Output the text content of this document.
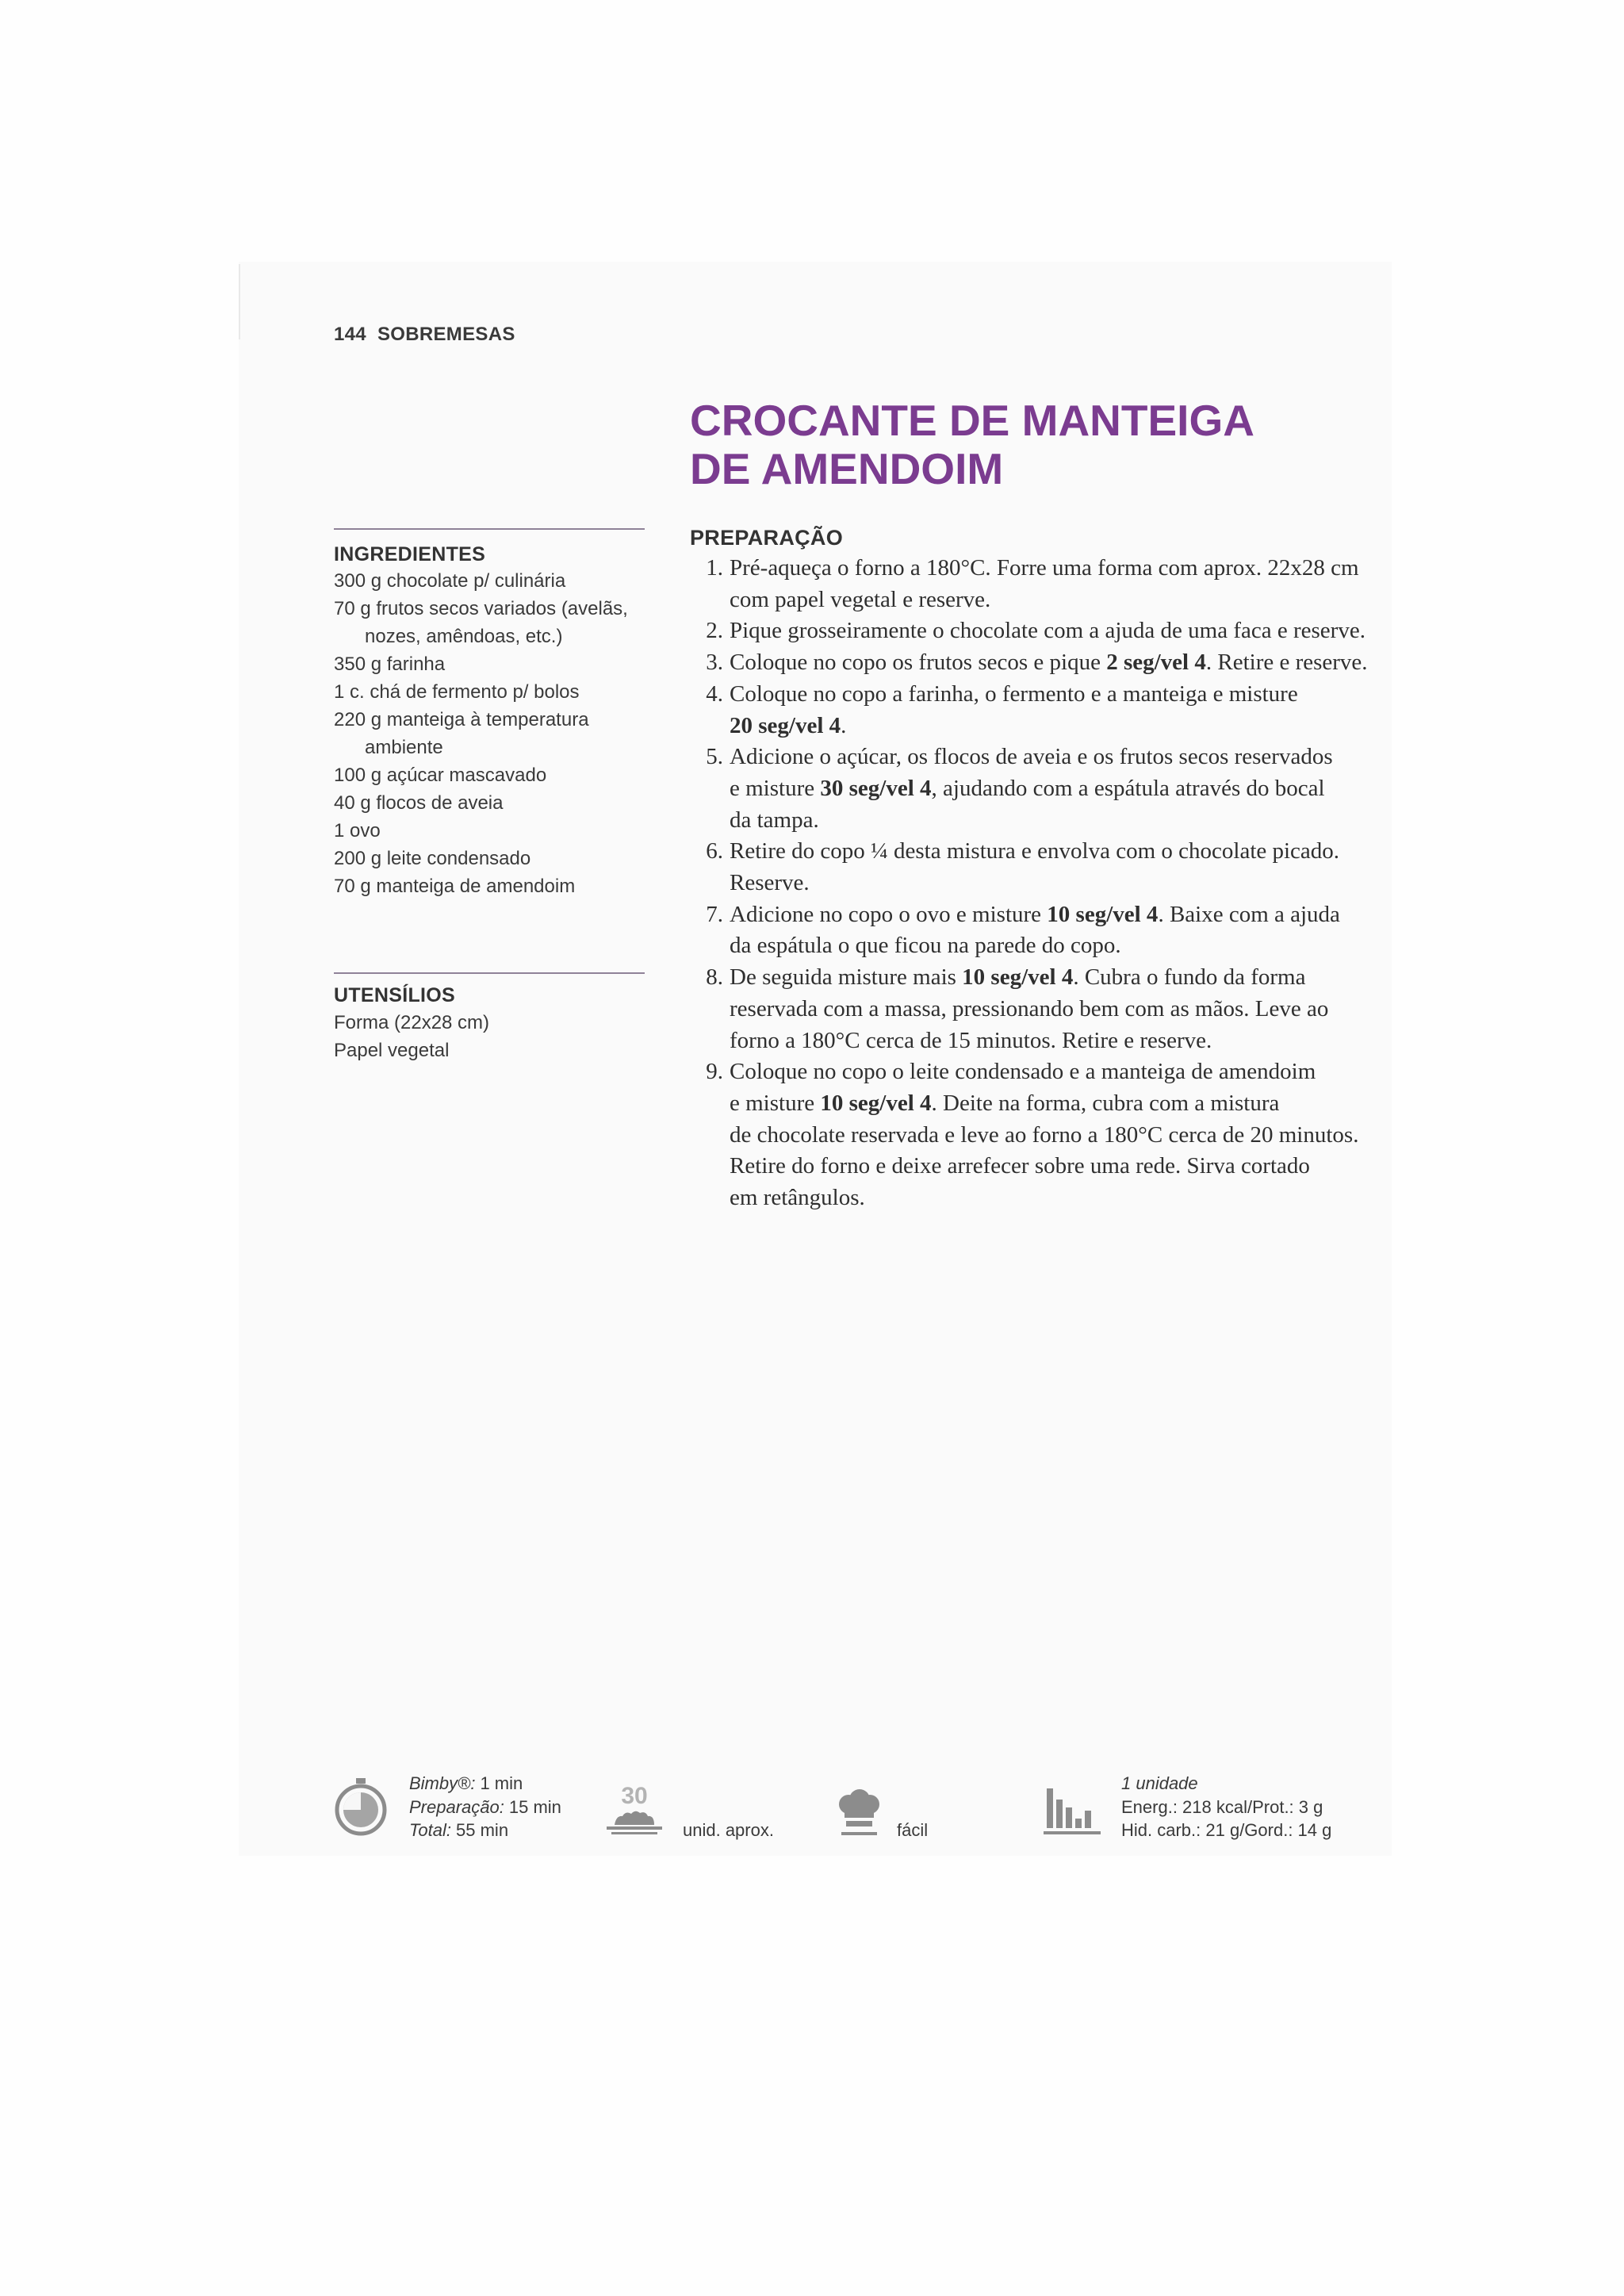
144 SOBREMESAS
CROCANTE DE MANTEIGA
DE AMENDOIM
INGREDIENTES
300 g chocolate p/ culinária
70 g frutos secos variados (avelãs,
nozes, amêndoas, etc.)
350 g farinha
1 c. chá de fermento p/ bolos
220 g manteiga à temperatura
ambiente
100 g açúcar mascavado
40 g flocos de aveia
1 ovo
200 g leite condensado
70 g manteiga de amendoim
UTENSÍLIOS
Forma (22x28 cm)
Papel vegetal
PREPARAÇÃO
1. Pré-aqueça o forno a 180°C. Forre uma forma com aprox. 22x28 cm
com papel vegetal e reserve.
2. Pique grosseiramente o chocolate com a ajuda de uma faca e reserve.
3. Coloque no copo os frutos secos e pique 2 seg/vel 4. Retire e reserve.
4. Coloque no copo a farinha, o fermento e a manteiga e misture
20 seg/vel 4.
5. Adicione o açúcar, os flocos de aveia e os frutos secos reservados
e misture 30 seg/vel 4, ajudando com a espátula através do bocal
da tampa.
6. Retire do copo ¼ desta mistura e envolva com o chocolate picado.
Reserve.
7. Adicione no copo o ovo e misture 10 seg/vel 4. Baixe com a ajuda
da espátula o que ficou na parede do copo.
8. De seguida misture mais 10 seg/vel 4. Cubra o fundo da forma
reservada com a massa, pressionando bem com as mãos. Leve ao
forno a 180°C cerca de 15 minutos. Retire e reserve.
9. Coloque no copo o leite condensado e a manteiga de amendoim
e misture 10 seg/vel 4. Deite na forma, cubra com a mistura
de chocolate reservada e leve ao forno a 180°C cerca de 20 minutos.
Retire do forno e deixe arrefecer sobre uma rede. Sirva cortado
em retângulos.
Bimby®: 1 min
Preparação: 15 min
Total: 55 min
30
unid. aprox.	fácil
1 unidade
Energ.: 218 kcal/Prot.: 3 g
Hid. carb.: 21 g/Gord.: 14 g
